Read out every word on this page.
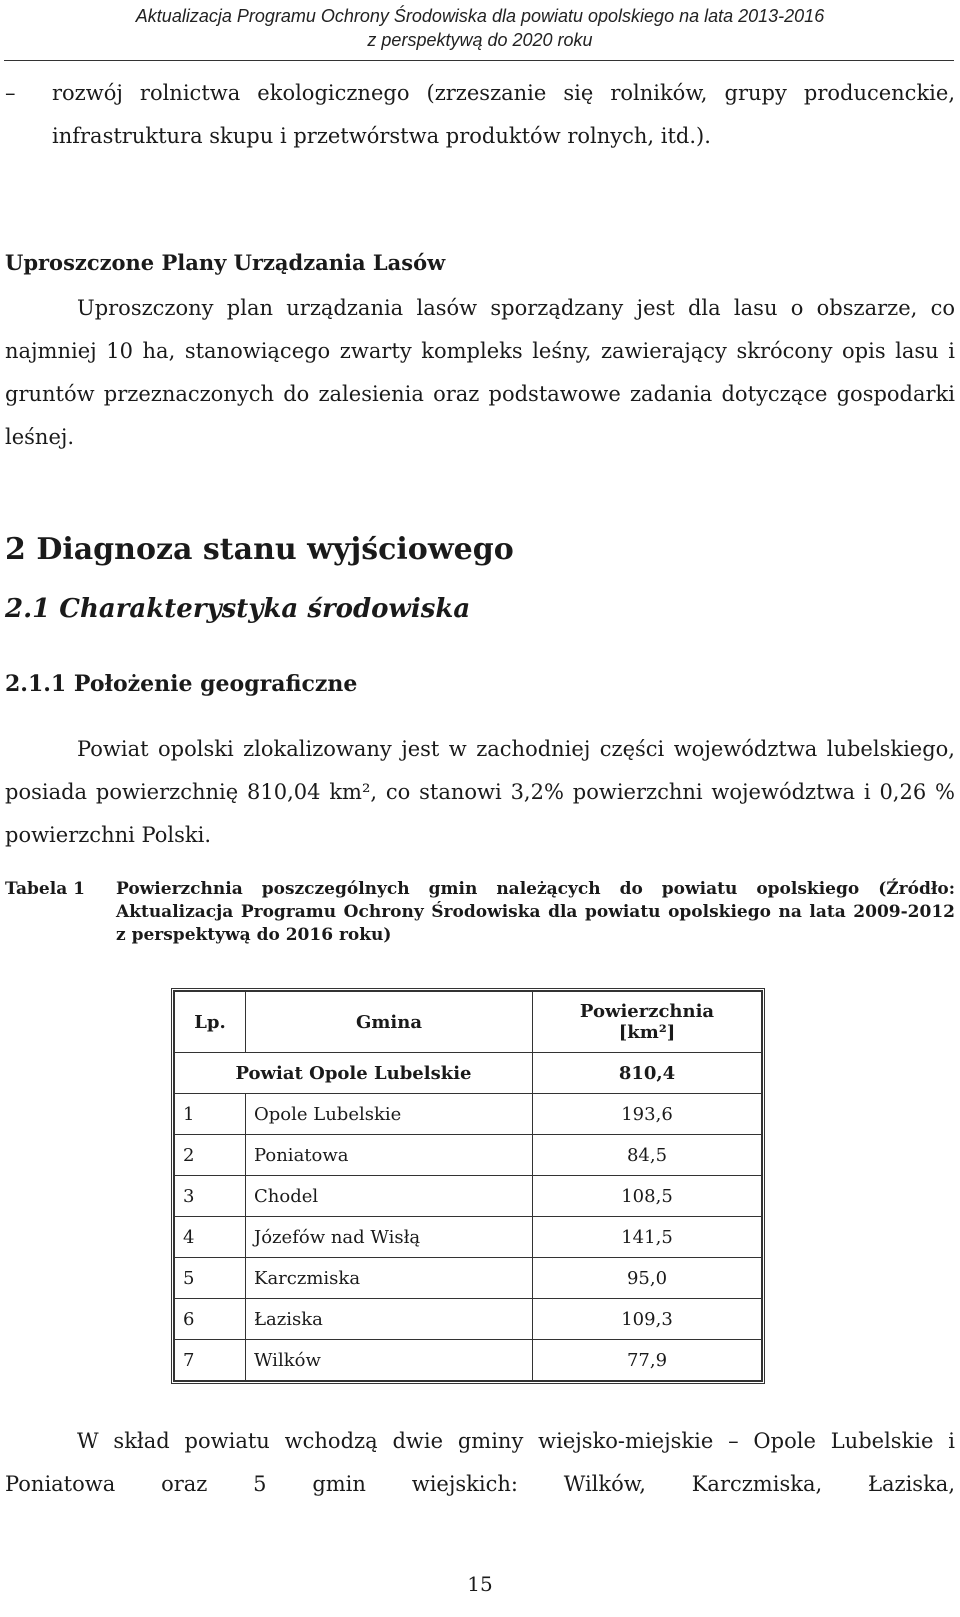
Aktualizacja Programu Ochrony Środowiska dla powiatu opolskiego na lata 2013-2016
z perspektywą do 2020 roku
– rozwój rolnictwa ekologicznego (zrzeszanie się rolników, grupy producenckie, infrastruktura skupu i przetwórstwa produktów rolnych, itd.).

Uproszczone Plany Urządzania Lasów

Uproszczony plan urządzania lasów sporządzany jest dla lasu o obszarze, co najmniej 10 ha, stanowiącego zwarty kompleks leśny, zawierający skrócony opis lasu i gruntów przeznaczonych do zalesienia oraz podstawowe zadania dotyczące gospodarki leśnej.

2 Diagnoza stanu wyjściowego
2.1 Charakterystyka środowiska
2.1.1 Położenie geograficzne

Powiat opolski zlokalizowany jest w zachodniej części województwa lubelskiego, posiada powierzchnię 810,04 km², co stanowi 3,2% powierzchni województwa i 0,26 % powierzchni Polski.

Tabela 1 Powierzchnia poszczególnych gmin należących do powiatu opolskiego (Źródło: Aktualizacja Programu Ochrony Środowiska dla powiatu opolskiego na lata 2009-2012 z perspektywą do 2016 roku)
Lp.	Gmina	Powierzchnia
[km²]

Powiat Opole Lubelskie		810,4
1	Opole Lubelskie	193,6
2	Poniatowa	84,5
3	Chodel	108,5
4	Józefów nad Wisłą	141,5
5	Karczmiska	95,0
6	Łaziska	109,3
7	Wilków	77,9

W skład powiatu wchodzą dwie gminy wiejsko-miejskie – Opole Lubelskie i Poniatowa oraz 5 gmin wiejskich: Wilków, Karczmiska, Łaziska,

15
